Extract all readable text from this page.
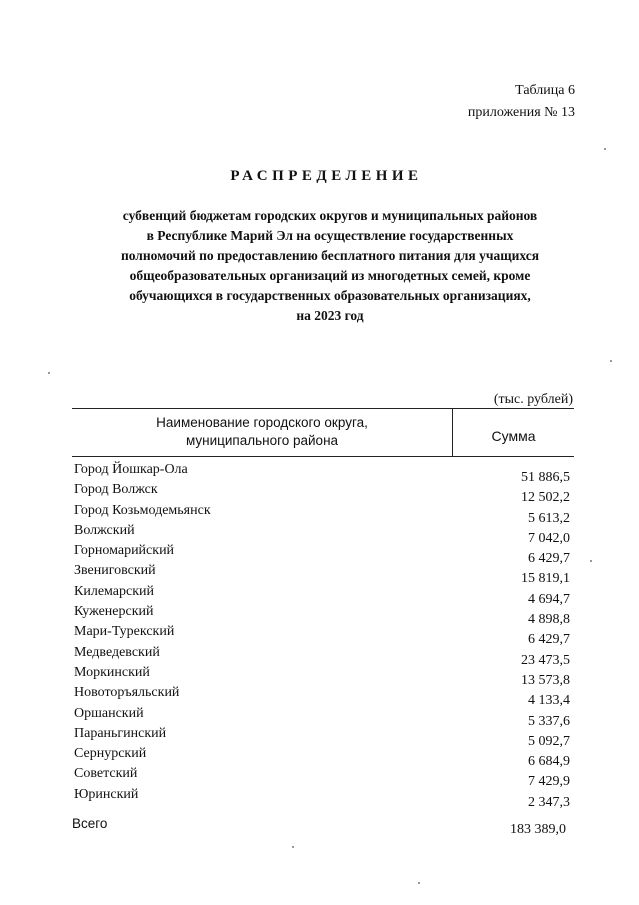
Таблица 6
приложения № 13
РАСПРЕДЕЛЕНИЕ
субвенций бюджетам городских округов и муниципальных районов
в Республике Марий Эл на осуществление государственных
полномочий по предоставлению бесплатного питания для учащихся
общеобразовательных организаций из многодетных семей, кроме
обучающихся в государственных образовательных организациях,
на 2023 год
(тыс. рублей)
Наименование городского округа,
муниципального района	Сумма
Город Йошкар-Ола
51 886,5
Город Волжск
12 502,2
Город Козьмодемьянск
5 613,2
Волжский
7 042,0
Горномарийский
6 429,7
Звениговский
15 819,1
Килемарский
4 694,7
Куженерский
4 898,8
Мари-Турекский
6 429,7
Медведевский
23 473,5
Моркинский
13 573,8
Новоторъяльский
4 133,4
Оршанский
5 337,6
Параньгинский
5 092,7
Сернурский
6 684,9
Советский
7 429,9
Юринский
2 347,3
Всего	183 389,0
